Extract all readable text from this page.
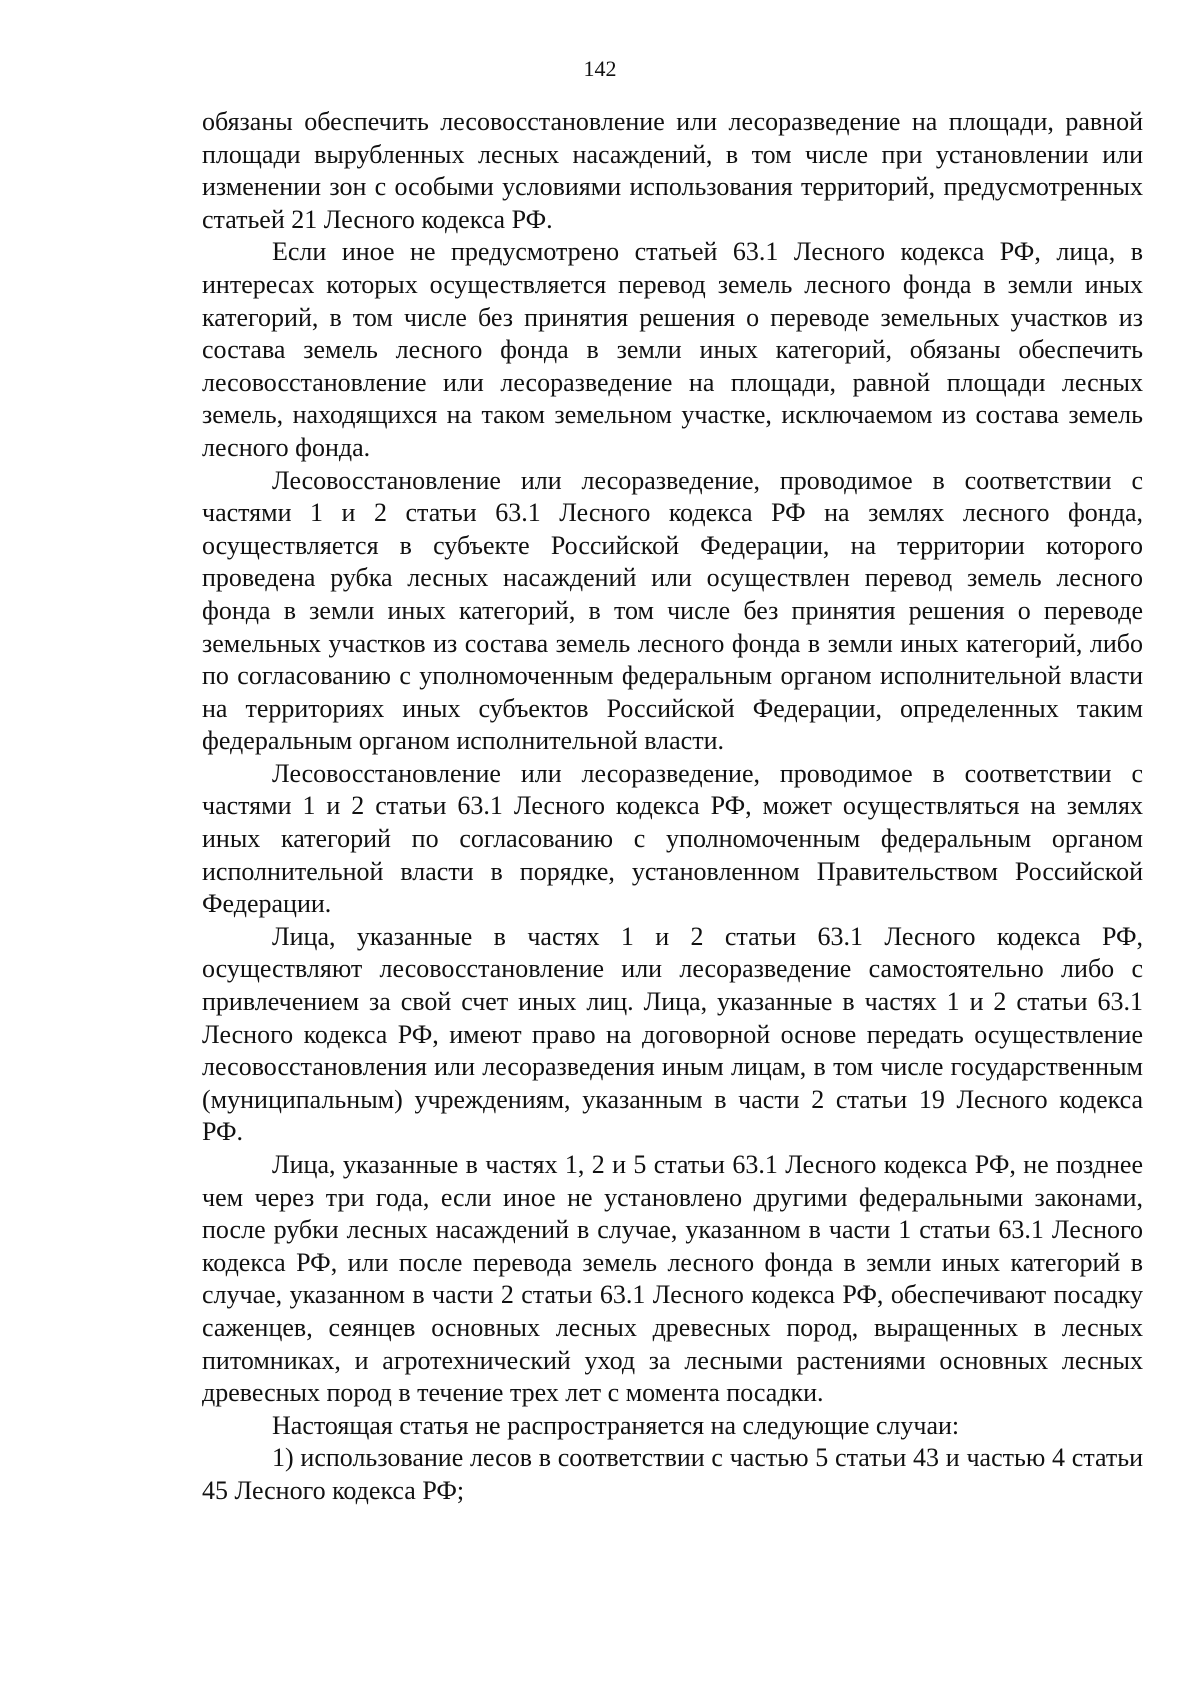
142

обязаны обеспечить лесовосстановление или лесоразведение на площади, равной площади вырубленных лесных насаждений, в том числе при установлении или изменении зон с особыми условиями использования территорий, предусмотренных статьей 21 Лесного кодекса РФ.

Если иное не предусмотрено статьей 63.1 Лесного кодекса РФ, лица, в интересах которых осуществляется перевод земель лесного фонда в земли иных категорий, в том числе без принятия решения о переводе земельных участков из состава земель лесного фонда в земли иных категорий, обязаны обеспечить лесовосстановление или лесоразведение на площади, равной площади лесных земель, находящихся на таком земельном участке, исключаемом из состава земель лесного фонда.

Лесовосстановление или лесоразведение, проводимое в соответствии с частями 1 и 2 статьи 63.1 Лесного кодекса РФ на землях лесного фонда, осуществляется в субъекте Российской Федерации, на территории которого проведена рубка лесных насаждений или осуществлен перевод земель лесного фонда в земли иных категорий, в том числе без принятия решения о переводе земельных участков из состава земель лесного фонда в земли иных категорий, либо по согласованию с уполномоченным федеральным органом исполнительной власти на территориях иных субъектов Российской Федерации, определенных таким федеральным органом исполнительной власти.

Лесовосстановление или лесоразведение, проводимое в соответствии с частями 1 и 2 статьи 63.1 Лесного кодекса РФ, может осуществляться на землях иных категорий по согласованию с уполномоченным федеральным органом исполнительной власти в порядке, установленном Правительством Российской Федерации.

Лица, указанные в частях 1 и 2 статьи 63.1 Лесного кодекса РФ, осуществляют лесовосстановление или лесоразведение самостоятельно либо с привлечением за свой счет иных лиц. Лица, указанные в частях 1 и 2 статьи 63.1 Лесного кодекса РФ, имеют право на договорной основе передать осуществление лесовосстановления или лесоразведения иным лицам, в том числе государственным (муниципальным) учреждениям, указанным в части 2 статьи 19 Лесного кодекса РФ.

Лица, указанные в частях 1, 2 и 5 статьи 63.1 Лесного кодекса РФ, не позднее чем через три года, если иное не установлено другими федеральными законами, после рубки лесных насаждений в случае, указанном в части 1 статьи 63.1 Лесного кодекса РФ, или после перевода земель лесного фонда в земли иных категорий в случае, указанном в части 2 статьи 63.1 Лесного кодекса РФ, обеспечивают посадку саженцев, сеянцев основных лесных древесных пород, выращенных в лесных питомниках, и агротехнический уход за лесными растениями основных лесных древесных пород в течение трех лет с момента посадки.

Настоящая статья не распространяется на следующие случаи:

1) использование лесов в соответствии с частью 5 статьи 43 и частью 4 статьи 45 Лесного кодекса РФ;
